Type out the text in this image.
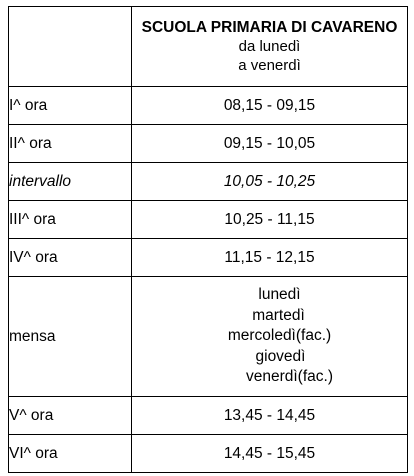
	SCUOLA PRIMARIA DI CAVARENO
da lunedì
a venerdì

I^ ora	08,15 - 09,15
II^ ora	09,15 - 10,05
intervallo	10,05 - 10,25
III^ ora	10,25 - 11,15
IV^ ora	11,15 - 12,15
mensa	lunedì
martedì
mercoledì(fac.)
giovedì
venerdì(fac.)

V^ ora	13,45 - 14,45
VI^ ora	14,45 - 15,45
